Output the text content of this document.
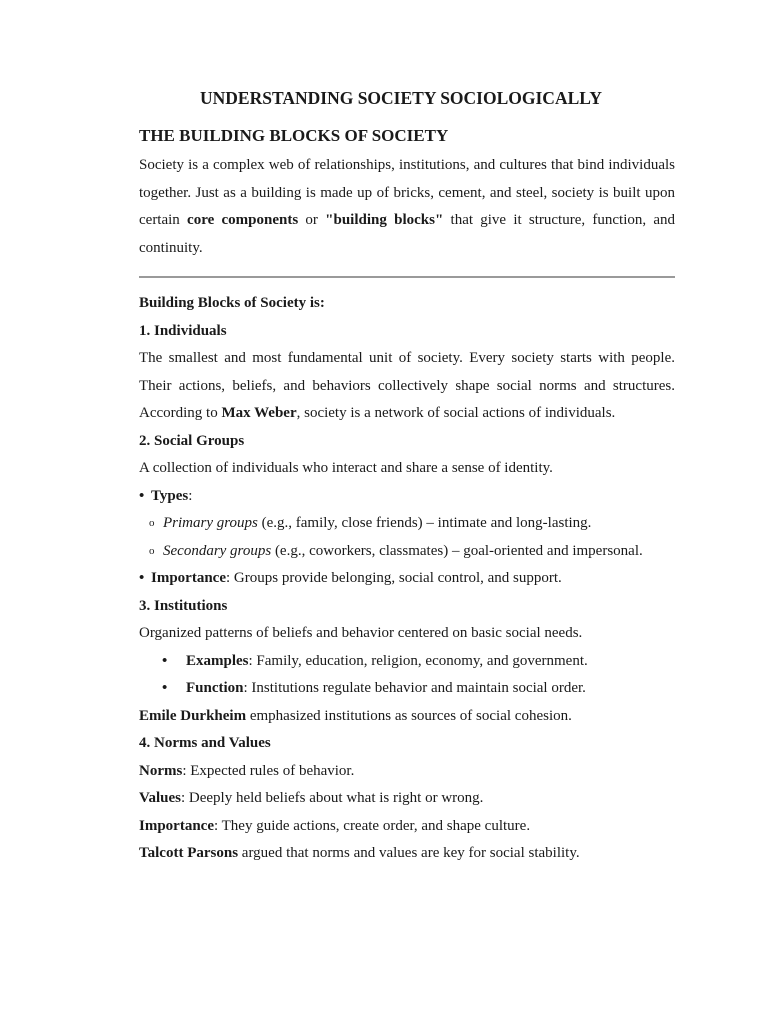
UNDERSTANDING SOCIETY SOCIOLOGICALLY
THE BUILDING BLOCKS OF SOCIETY

Society is a complex web of relationships, institutions, and cultures that bind individuals together. Just as a building is made up of bricks, cement, and steel, society is built upon certain core components or "building blocks" that give it structure, function, and continuity.

Building Blocks of Society is:

1. Individuals

The smallest and most fundamental unit of society. Every society starts with people. Their actions, beliefs, and behaviors collectively shape social norms and structures. According to Max Weber, society is a network of social actions of individuals.

2. Social Groups

A collection of individuals who interact and share a sense of identity.

• Types:
o Primary groups (e.g., family, close friends) – intimate and long-lasting.
o Secondary groups (e.g., coworkers, classmates) – goal-oriented and impersonal.
• Importance: Groups provide belonging, social control, and support.

3. Institutions

Organized patterns of beliefs and behavior centered on basic social needs.

• Examples: Family, education, religion, economy, and government.
• Function: Institutions regulate behavior and maintain social order.

Emile Durkheim emphasized institutions as sources of social cohesion.

4. Norms and Values

Norms: Expected rules of behavior.

Values: Deeply held beliefs about what is right or wrong.

Importance: They guide actions, create order, and shape culture.

Talcott Parsons argued that norms and values are key for social stability.
